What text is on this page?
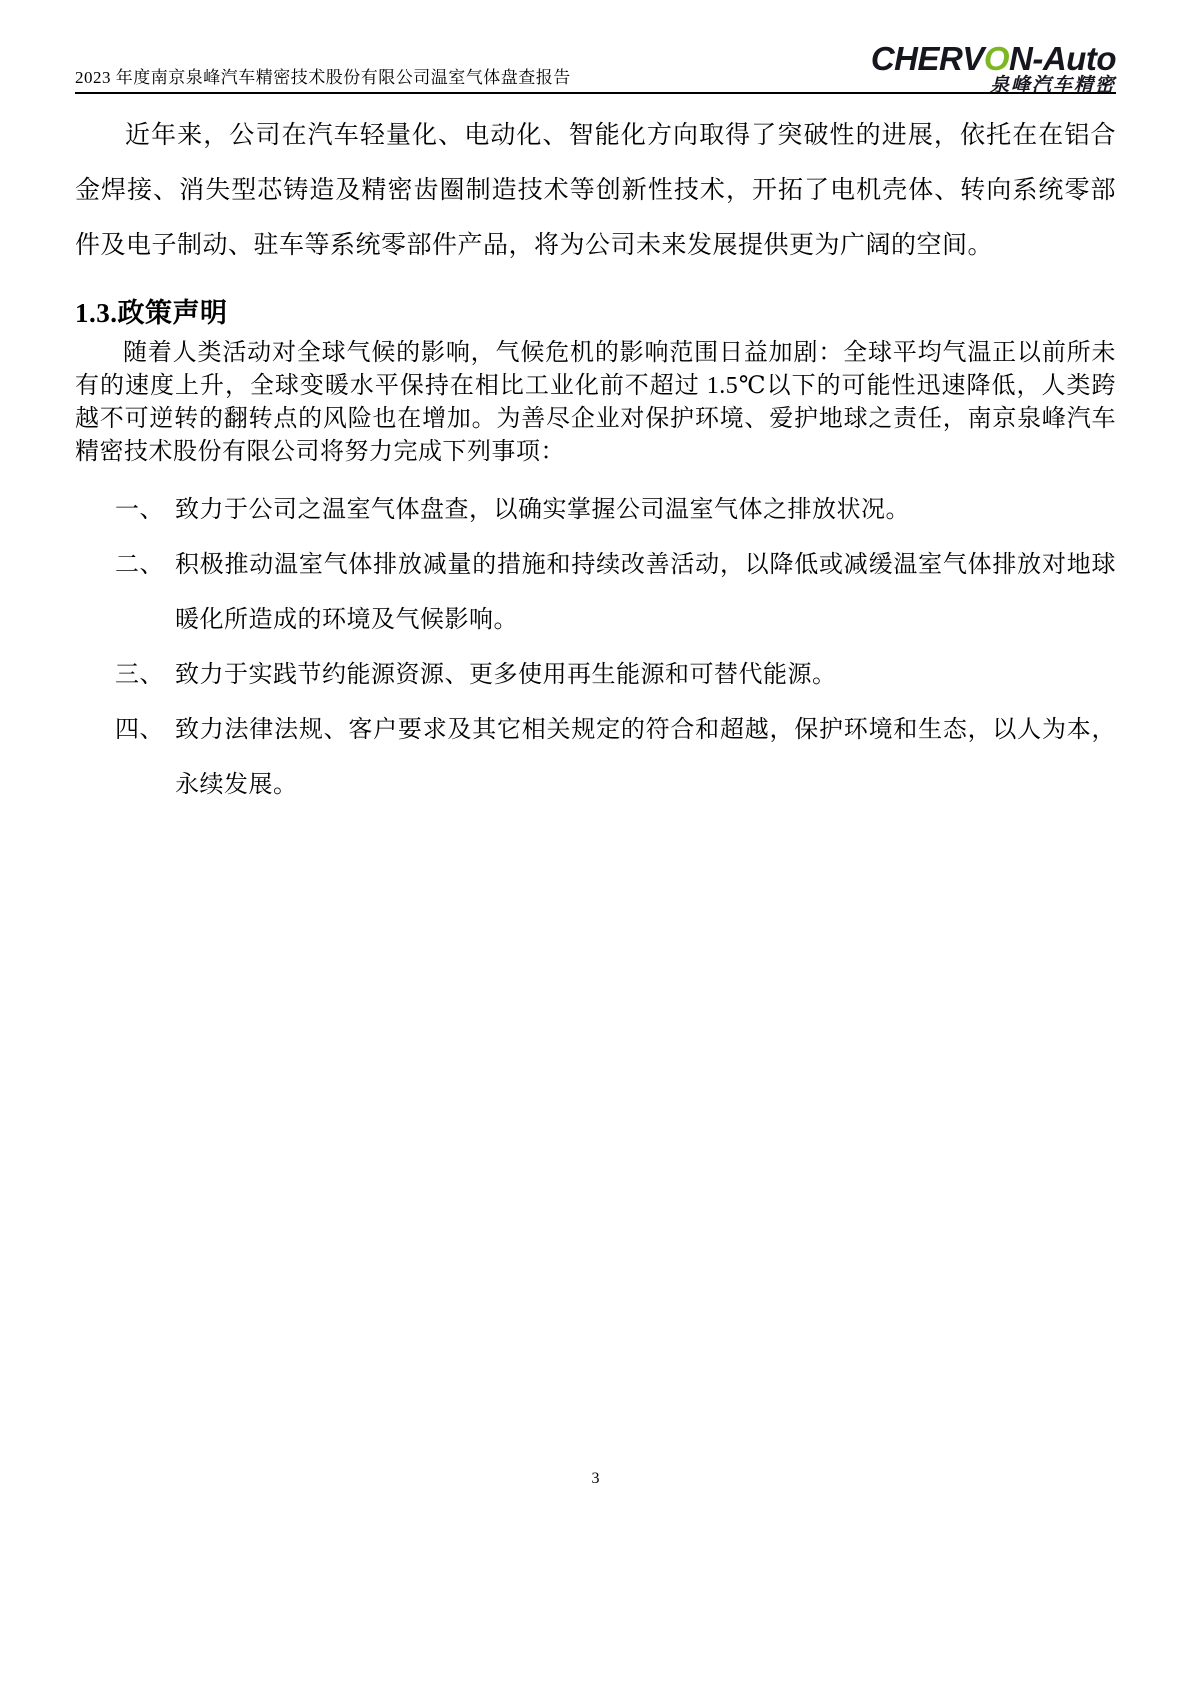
2023 年度南京泉峰汽车精密技术股份有限公司温室气体盘查报告
CHERVON-Auto
泉峰汽车精密

近年来，公司在汽车轻量化、电动化、智能化方向取得了突破性的进展，依托在在铝合金焊接、消失型芯铸造及精密齿圈制造技术等创新性技术，开拓了电机壳体、转向系统零部件及电子制动、驻车等系统零部件产品，将为公司未来发展提供更为广阔的空间。

1.3.政策声明

随着人类活动对全球气候的影响，气候危机的影响范围日益加剧：全球平均气温正以前所未有的速度上升，全球变暖水平保持在相比工业化前不超过 1.5℃以下的可能性迅速降低，人类跨越不可逆转的翻转点的风险也在增加。为善尽企业对保护环境、爱护地球之责任，南京泉峰汽车精密技术股份有限公司将努力完成下列事项：

一、 致力于公司之温室气体盘查，以确实掌握公司温室气体之排放状况。
二、 积极推动温室气体排放减量的措施和持续改善活动，以降低或减缓温室气体排放对地球暖化所造成的环境及气候影响。
三、 致力于实践节约能源资源、更多使用再生能源和可替代能源。
四、 致力法律法规、客户要求及其它相关规定的符合和超越，保护环境和生态，以人为本，永续发展。
3
